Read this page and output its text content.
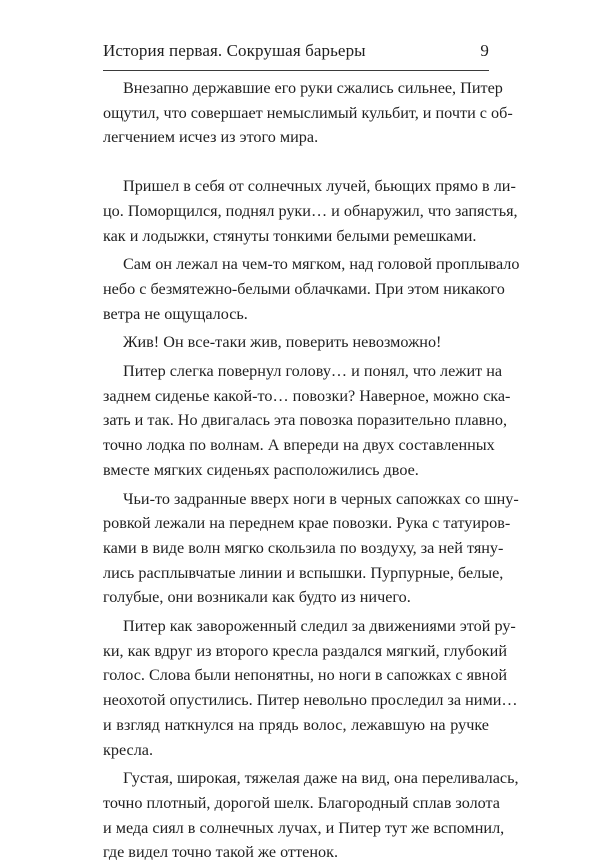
История первая. Сокрушая барьеры	9

Внезапно державшие его руки сжались сильнее, Питер
ощутил, что совершает немыслимый кульбит, и почти с об-
легчением исчез из этого мира.

Пришел в себя от солнечных лучей, бьющих прямо в ли-
цо. Поморщился, поднял руки… и обнаружил, что запястья,
как и лодыжки, стянуты тонкими белыми ремешками.

Сам он лежал на чем-то мягком, над головой проплывало
небо с безмятежно-белыми облачками. При этом никакого
ветра не ощущалось.

Жив! Он все-таки жив, поверить невозможно!

Питер слегка повернул голову… и понял, что лежит на
заднем сиденье какой-то… повозки? Наверное, можно ска-
зать и так. Но двигалась эта повозка поразительно плавно,
точно лодка по волнам. А впереди на двух составленных
вместе мягких сиденьях расположились двое.

Чьи-то задранные вверх ноги в черных сапожках со шну-
ровкой лежали на переднем крае повозки. Рука с татуиров-
ками в виде волн мягко скользила по воздуху, за ней тяну-
лись расплывчатые линии и вспышки. Пурпурные, белые,
голубые, они возникали как будто из ничего.

Питер как завороженный следил за движениями этой ру-
ки, как вдруг из второго кресла раздался мягкий, глубокий
голос. Слова были непонятны, но ноги в сапожках с явной
неохотой опустились. Питер невольно проследил за ними…
и взгляд наткнулся на прядь волос, лежавшую на ручке
кресла.

Густая, широкая, тяжелая даже на вид, она переливалась,
точно плотный, дорогой шелк. Благородный сплав золота
и меда сиял в солнечных лучах, и Питер тут же вспомнил,
где видел точно такой же оттенок.
